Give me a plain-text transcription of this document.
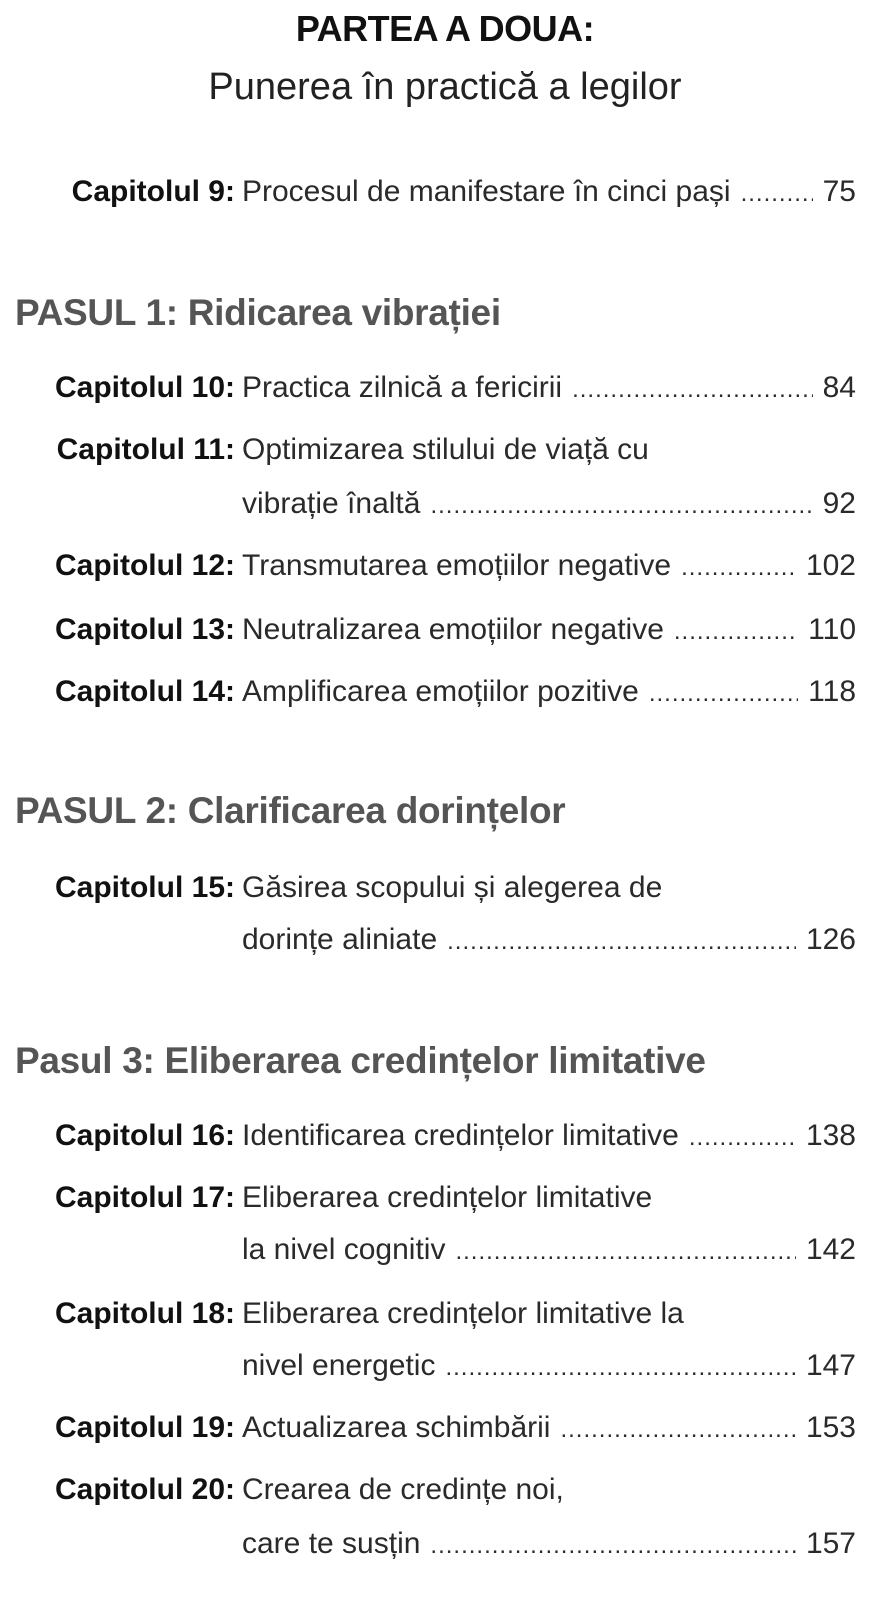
PARTEA A DOUA:
Punerea în practică a legilor
Capitolul 9: Procesul de manifestare în cinci pași .....	75
PASUL 1: Ridicarea vibrației
Capitolul 10: Practica zilnică a fericirii .....	84
Capitolul 11: Optimizarea stilului de viață cu
vibrație înaltă .....	92
Capitolul 12: Transmutarea emoțiilor negative .....	102
Capitolul 13: Neutralizarea emoțiilor negative .....	110
Capitolul 14: Amplificarea emoțiilor pozitive .....	118
PASUL 2: Clarificarea dorințelor
Capitolul 15: Găsirea scopului și alegerea de
dorințe aliniate .....	126
Pasul 3: Eliberarea credințelor limitative
Capitolul 16: Identificarea credințelor limitative .....	138
Capitolul 17: Eliberarea credințelor limitative
la nivel cognitiv .....	142
Capitolul 18: Eliberarea credințelor limitative la
nivel energetic .....	147
Capitolul 19: Actualizarea schimbării .....	153
Capitolul 20: Crearea de credințe noi,
care te susțin .....	157
